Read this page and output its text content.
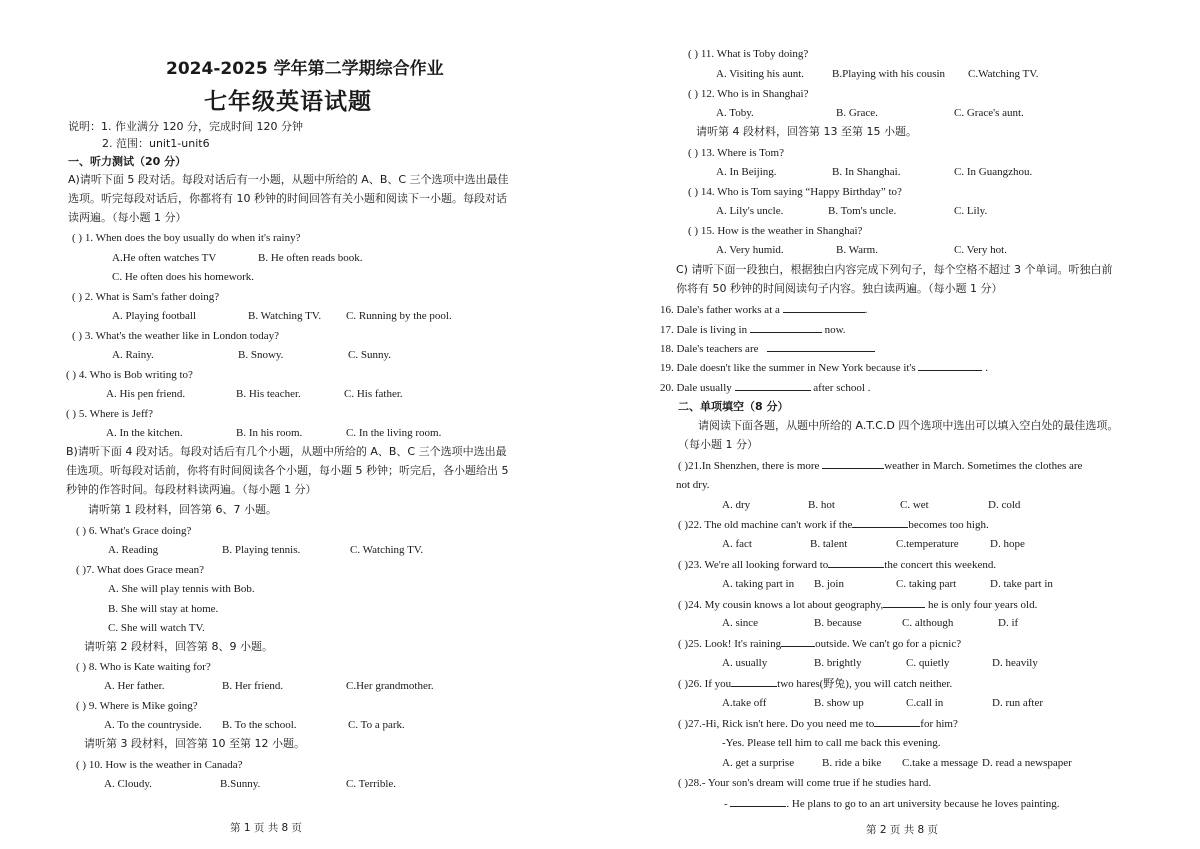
2024-2025 学年第二学期综合作业
七年级英语试题
说明：1. 作业满分 120 分，完成时间 120 分钟
2. 范围：unit1-unit6
一、听力测试（20 分）
A)请听下面 5 段对话。每段对话后有一小题，从题中所给的 A、B、C 三个选项中选出最佳
选项。听完每段对话后，你都将有 10 秒钟的时间回答有关小题和阅读下一小题。每段对话
读两遍。（每小题 1 分）
( ) 1. When does the boy usually do when it's rainy?
A.He often watches TV	B. He often reads book.
C. He often does his homework.
( ) 2. What is Sam's father doing?
A. Playing football	B. Watching TV. C. Running by the pool.
( ) 3. What's the weather like in London today?
A. Rainy.	B. Snowy.	C. Sunny.
( ) 4. Who is Bob writing to?
A. His pen friend.	B. His teacher.	C. His father.
( ) 5. Where is Jeff?
A. In the kitchen.	B. In his room.	C. In the living room.
B)请听下面 4 段对话。每段对话后有几个小题，从题中所给的 A、B、C 三个选项中选出最
佳选项。听每段对话前，你将有时间阅读各个小题，每小题 5 秒钟；听完后，各小题给出 5
秒钟的作答时间。每段材料读两遍。（每小题 1 分）
请听第 1 段材料，回答第 6、7 小题。
( ) 6. What's Grace doing?
A. Reading	B. Playing tennis.	C. Watching TV.
( )7. What does Grace mean?
A. She will play tennis with Bob.
B. She will stay at home.
C. She will watch TV.
请听第 2 段材料，回答第 8、9 小题。
( ) 8. Who is Kate waiting for?
A. Her father.	B. Her friend.	C.Her grandmother.
( ) 9. Where is Mike going?
A. To the countryside. B. To the school.	C. To a park.
请听第 3 段材料，回答第 10 至第 12 小题。
( ) 10. How is the weather in Canada?
A. Cloudy.	B.Sunny.	C. Terrible.
第 1 页 共 8 页
( ) 11. What is Toby doing?
A. Visiting his aunt.	B.Playing with his cousin C.Watching TV.
( ) 12. Who is in Shanghai?
A. Toby.	B. Grace.	C. Grace's aunt.
请听第 4 段材料，回答第 13 至第 15 小题。
( ) 13. Where is Tom?
A. In Beijing.	B. In Shanghai.	C. In Guangzhou.
( ) 14. Who is Tom saying “Happy Birthday” to?
A. Lily's uncle.	B. Tom's uncle.	C. Lily.
( ) 15. How is the weather in Shanghai?
A. Very humid.	B. Warm.	C. Very hot.
C) 请听下面一段独白，根据独白内容完成下列句子，每个空格不超过 3 个单词。听独白前
你将有 50 秒钟的时间阅读句子内容。独白读两遍。（每小题 1 分）
16. Dale's father works at a	.
17. Dale is living in	now.
18. Dale's teachers are
19. Dale doesn't like the summer in New York because it's	.
20. Dale usually	after school .
二、单项填空（8 分）
请阅读下面各题，从题中所给的 A.T.C.D 四个选项中选出可以填入空白处的最佳选项。
（每小题 1 分）
( )21.In Shenzhen, there is more	weather in March. Sometimes the clothes are
not dry.
A. dry	B. hot	C. wet	D. cold
( )22. The old machine can't work if the	becomes too high.
A. fact	B. talent	C.temperature	D. hope
( )23. We're all looking forward to	the concert this weekend.
A. taking part in B. join	C. taking part	D. take part in
( )24. My cousin knows a lot about geography,	he is only four years old.
A. since	B. because	C. although	D. if
( )25. Look! It's raining	outside. We can't go for a picnic?
A. usually	B. brightly	C. quietly	D. heavily
( )26. If you	two hares(野兔), you will catch neither.
A.take off	B. show up	C.call in	D. run after
( )27.-Hi, Rick isn't here. Do you need me to	for him?
-Yes. Please tell him to call me back this evening.
A. get a surprise	B. ride a bike C.take a message D. read a newspaper
( )28.- Your son's dream will come true if he studies hard.
-	. He plans to go to an art university because he loves painting.
第 2 页 共 8 页
